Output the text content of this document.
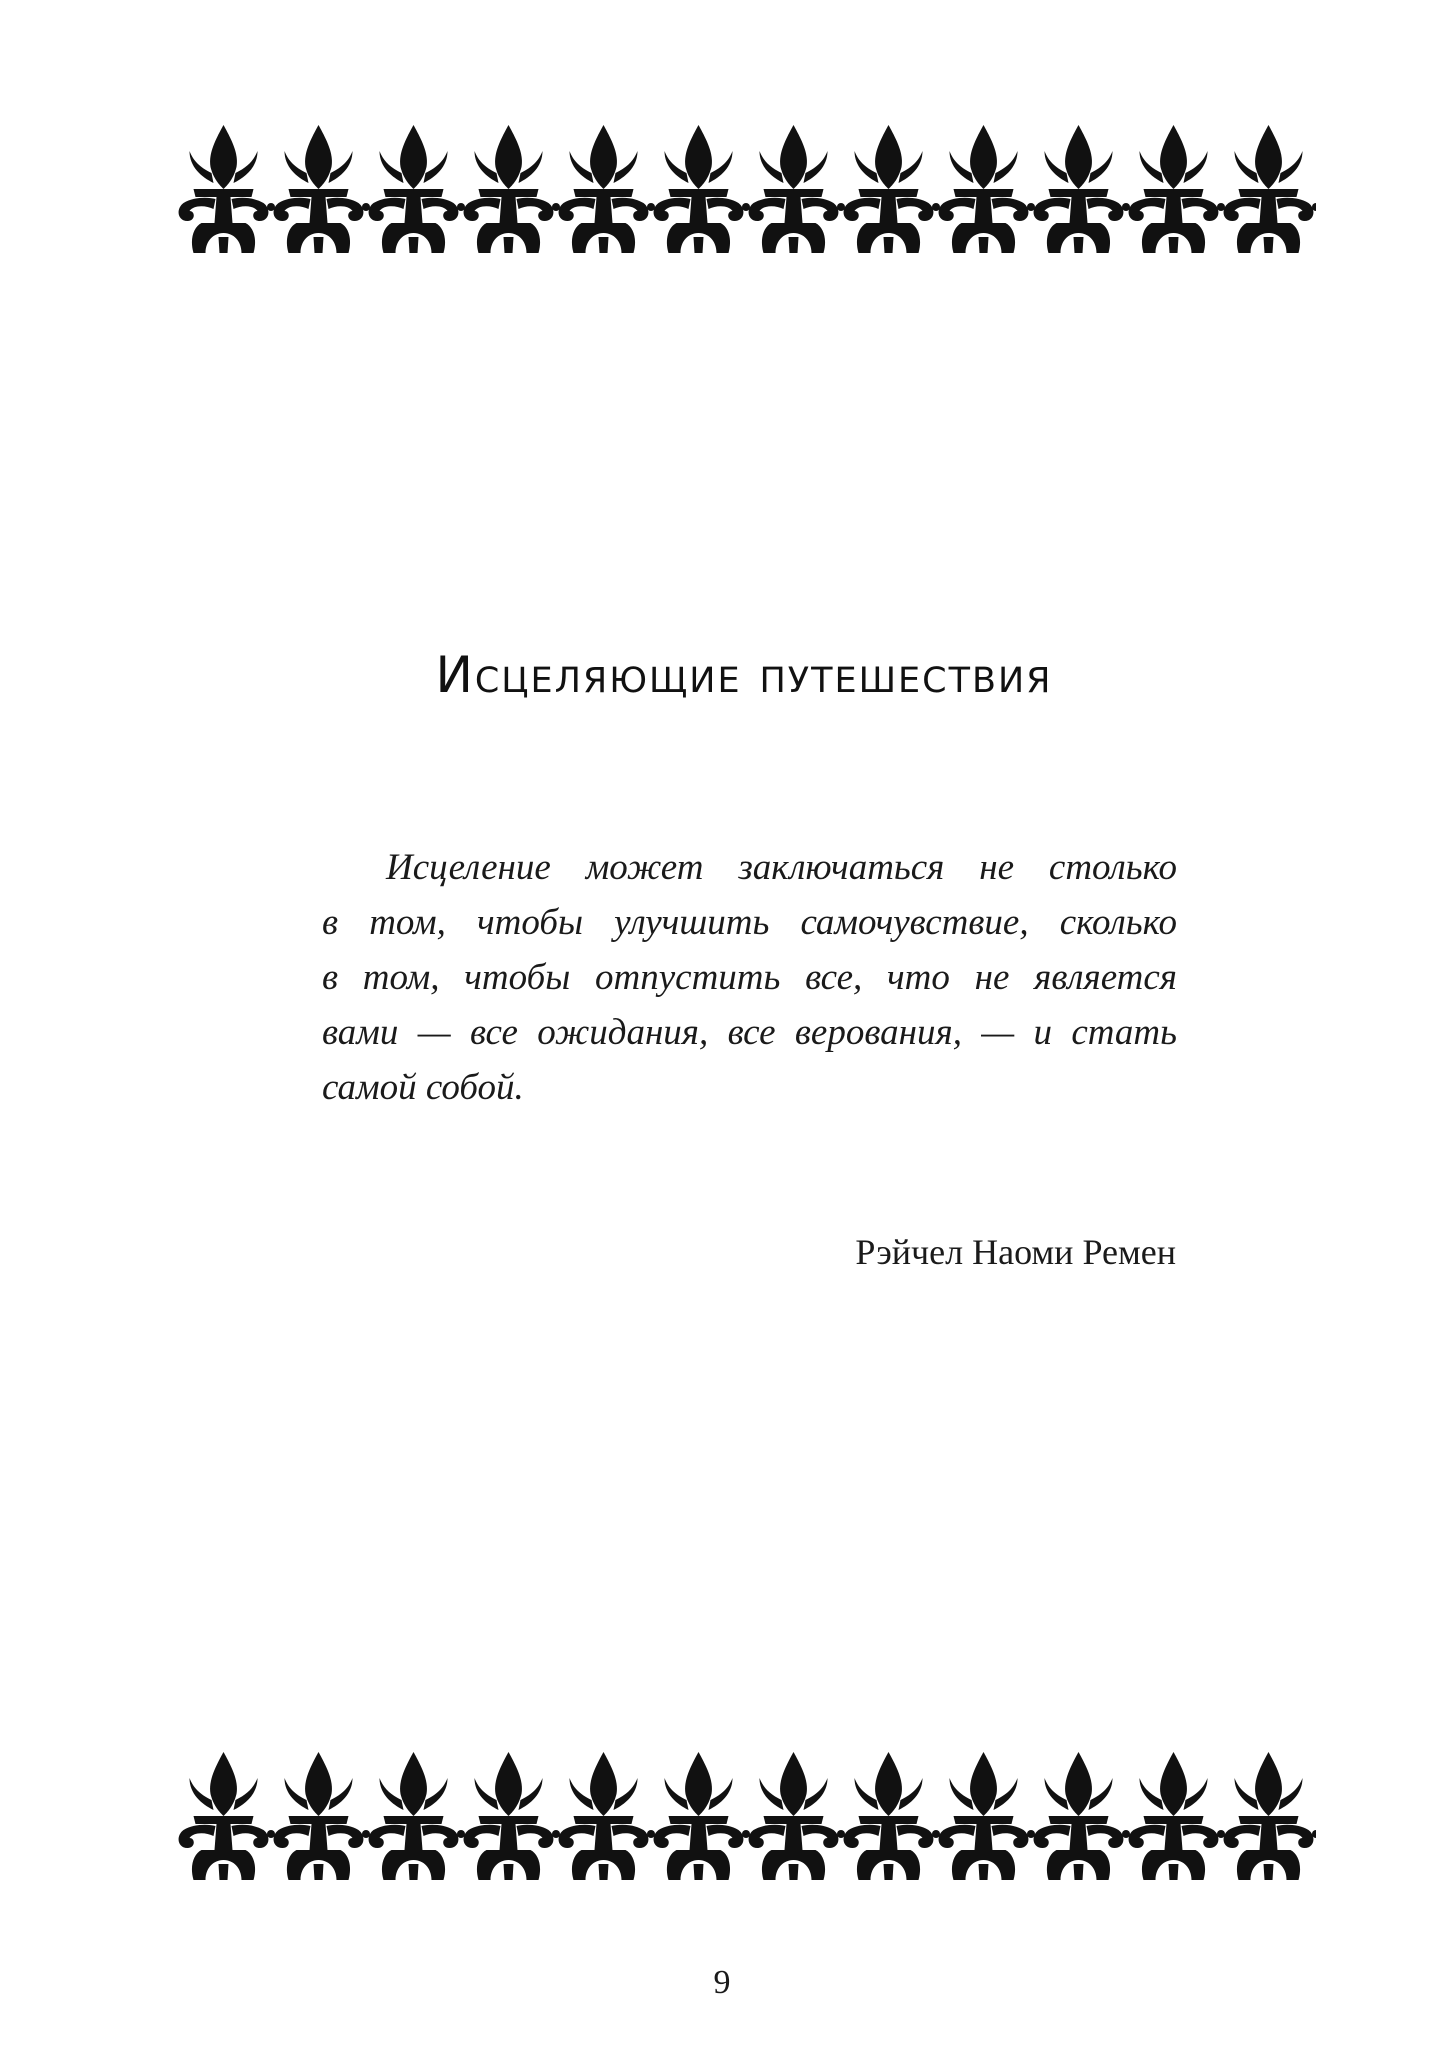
Исцеляющие путешествия
Исцеление может заключаться не столько
в том, чтобы улучшить самочувствие, сколько
в том, чтобы отпустить все, что не является
вами — все ожидания, все верования, — и стать
самой собой.
Рэйчел Наоми Ремен
9
